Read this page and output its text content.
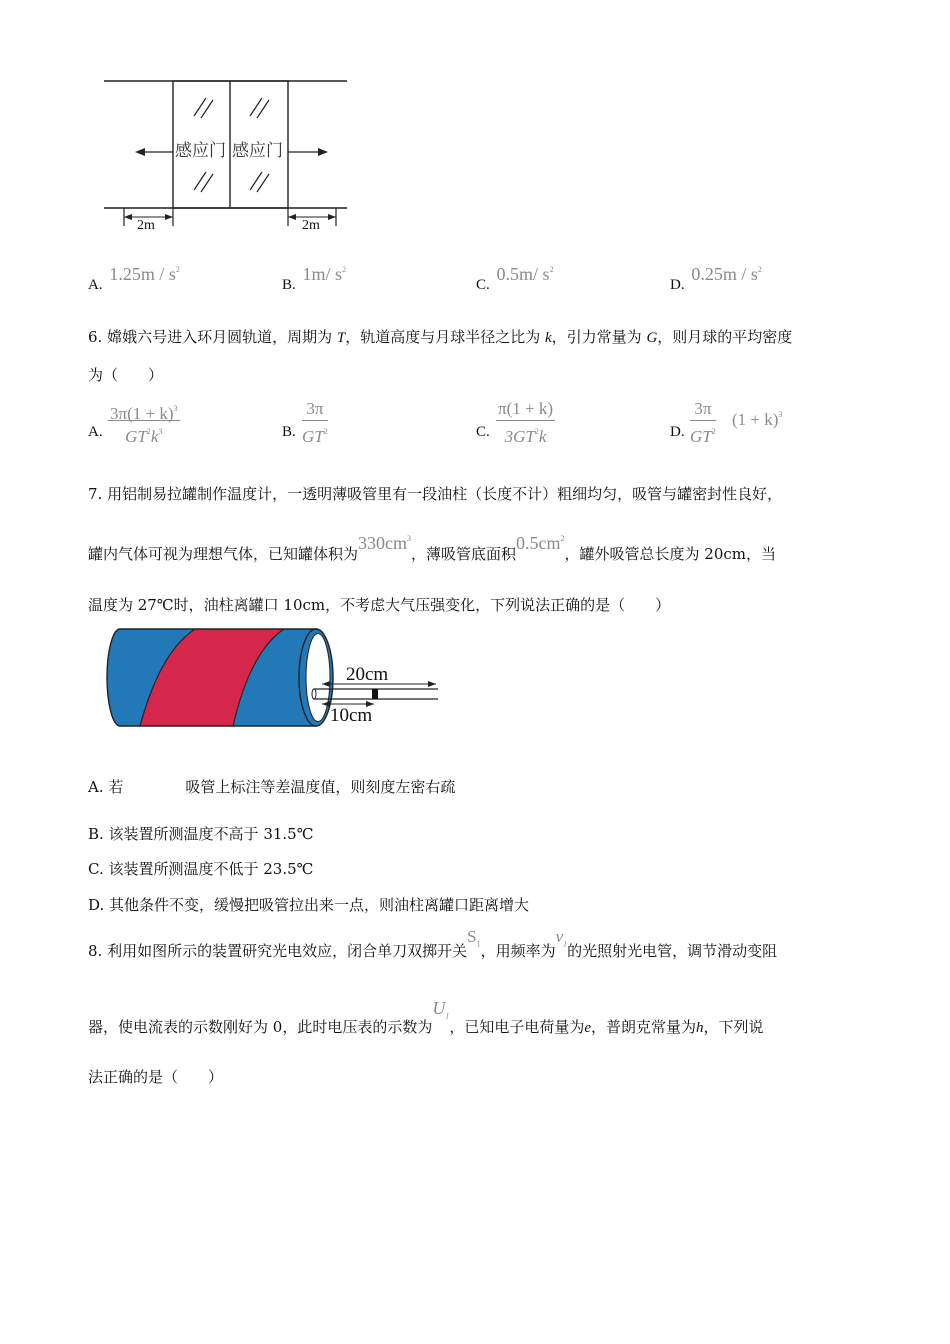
感应门 感应门
2m	2m
A. $1.25m / s^2$
B. 1m/ $s^2$
C. 0.5m/ $s^2$
D. $0.25m / s^2$
6. 嫦娥六号进入环月圆轨道，周期为 T，轨道高度与月球半径之比为 k，引力常量为 G，则月球的平均密度
为（　　）
A. $\frac{3\pi(1 + k)^3}{GT^2k^3}$	B. $\frac{3\pi}{GT^2}$	C. $\frac{\pi(1 + k)}{3GT^2k}$	D. $\frac{3\pi}{GT^2} (1 + k)^3$
7. 用铝制易拉罐制作温度计，一透明薄吸管里有一段油柱（长度不计）粗细均匀，吸管与罐密封性良好，
罐内气体可视为理想气体，已知罐体积为$330cm^3$，薄吸管底面积$0.5cm^2$，罐外吸管总长度为 20cm，当
温度为 27℃时，油柱离罐口 10cm，不考虑大气压强变化，下列说法正确的是（　　）
20cm
10cm
A. 若	吸管上标注等差温度值，则刻度左密右疏
B. 该装置所测温度不高于 31.5℃
C. 该装置所测温度不低于 23.5℃
D. 其他条件不变，缓慢把吸管拉出来一点，则油柱离罐口距离增大
8. 利用如图所示的装置研究光电效应，闭合单刀双掷开关$S_1$，用频率为$\nu_1$的光照射光电管，调节滑动变阻
器，使电流表的示数刚好为 0，此时电压表的示数为$U_1$，已知电子电荷量为e，普朗克常量为h，下列说
法正确的是（　　）
